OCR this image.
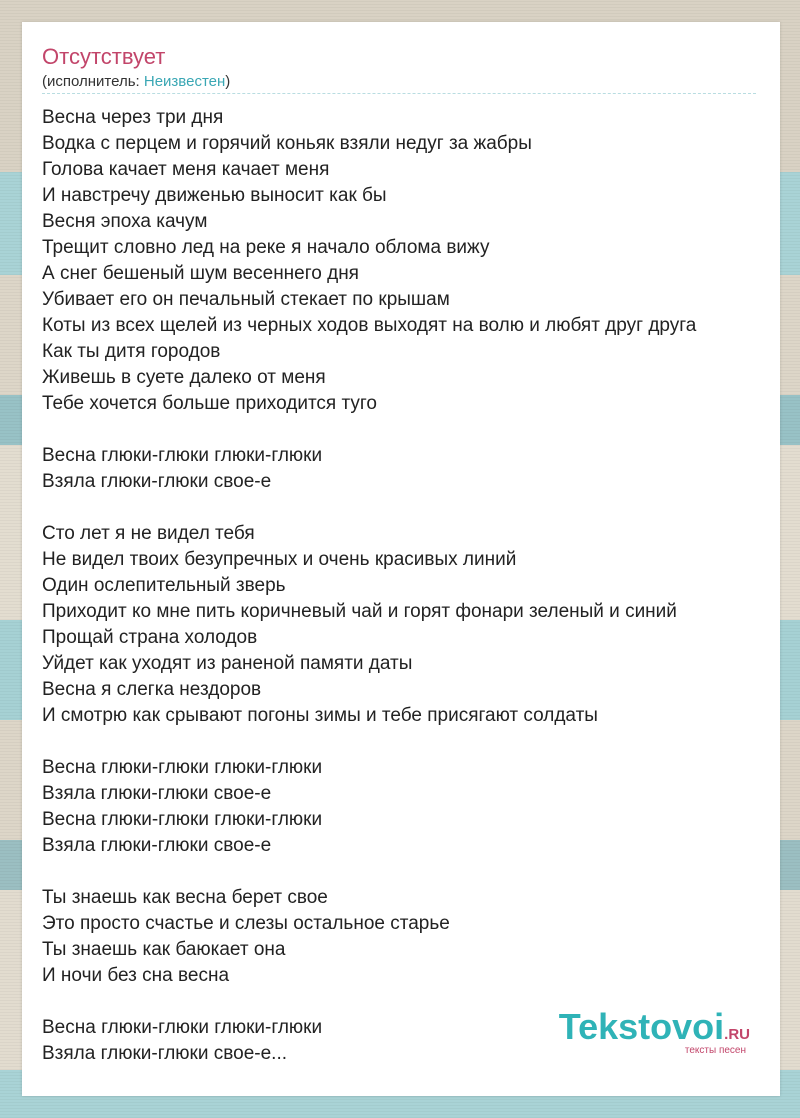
Отсутствует
(исполнитель: Неизвестен)
Весна через три дня
Водка с перцем и горячий коньяк взяли недуг за жабры
Голова качает меня качает меня
И навстречу движенью выносит как бы
Весня эпоха качум
Трещит словно лед на реке я начало облома вижу
А снег бешеный шум весеннего дня
Убивает его он печальный стекает по крышам
Коты из всех щелей из черных ходов выходят на волю и любят друг друга
Как ты дитя городов
Живешь в суете далеко от меня
Тебе хочется больше приходится туго
Весна глюки-глюки глюки-глюки
Взяла глюки-глюки свое-е
Сто лет я не видел тебя
Не видел твоих безупречных и очень красивых линий
Один ослепительный зверь
Приходит ко мне пить коричневый чай и горят фонари зеленый и синий
Прощай страна холодов
Уйдет как уходят из раненой памяти даты
Весна я слегка нездоров
И смотрю как срывают погоны зимы и тебе присягают солдаты
Весна глюки-глюки глюки-глюки
Взяла глюки-глюки свое-е
Весна глюки-глюки глюки-глюки
Взяла глюки-глюки свое-е
Ты знаешь как весна берет свое
Это просто счастье и слезы остальное старье
Ты знаешь как баюкает она
И ночи без сна весна
Весна глюки-глюки глюки-глюки
Взяла глюки-глюки свое-е...
Tekstovoi.RU
тексты песен
